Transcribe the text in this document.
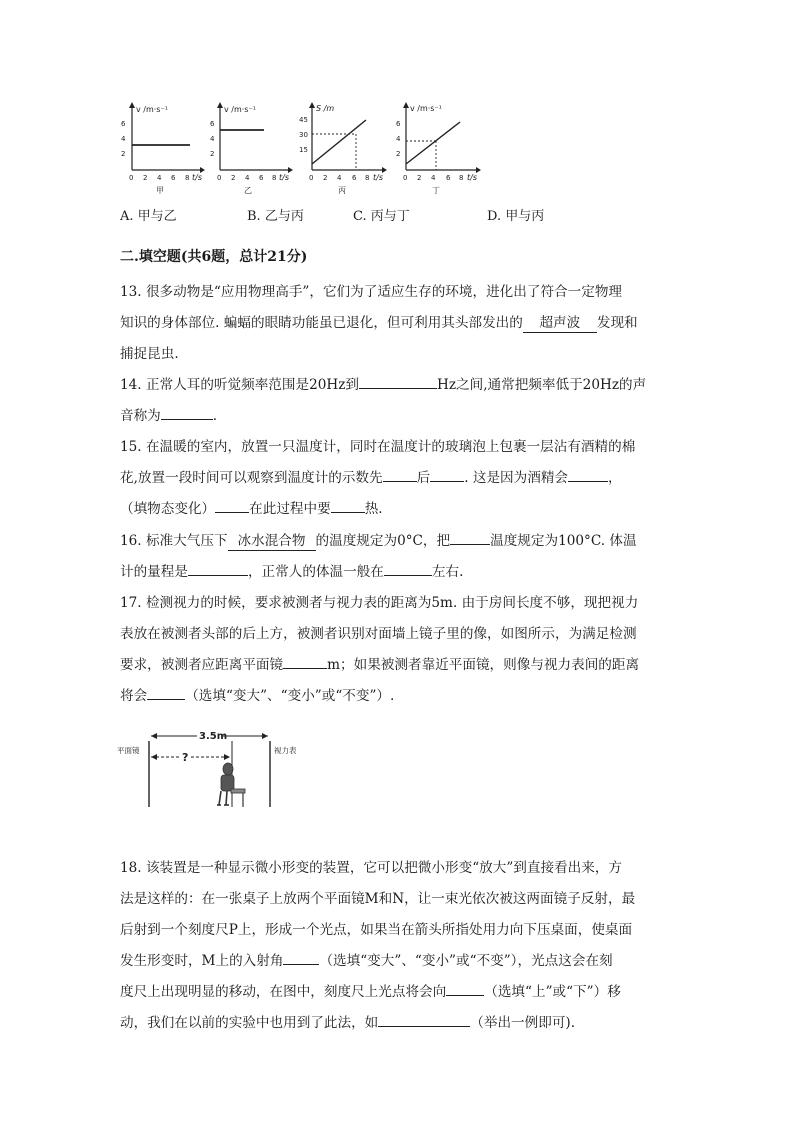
v /m·s⁻¹
6
4
2
0 2 4 6 8 t/s
甲
v /m·s⁻¹
6
4
2
0 2 4 6 8 t/s
乙
S /m
45
30
15
0 2 4 6 8 t/s
丙
v /m·s⁻¹
6
4
2
0 2 4 6 8 t/s
丁
A. 甲与乙	B. 乙与丙	C. 丙与丁	D. 甲与丙
二.填空题(共6题，总计21分)
13. 很多动物是“应用物理高手”，它们为了适应生存的环境，进化出了符合一定物理
知识的身体部位. 蝙蝠的眼睛功能虽已退化，但可利用其头部发出的 超声波 发现和
捕捉昆虫.
14. 正常人耳的听觉频率范围是20Hz到	Hz之间,通常把频率低于20Hz的声
音称为	.
15. 在温暖的室内，放置一只温度计，同时在温度计的玻璃泡上包裹一层沾有酒精的棉
花,放置一段时间可以观察到温度计的示数先	后	. 这是因为酒精会	，
（填物态变化）	在此过程中要	热.
16. 标准大气压下 冰水混合物 的温度规定为0°C，把	温度规定为100°C. 体温
计的量程是	，正常人的体温一般在	左右.
17. 检测视力的时候，要求被测者与视力表的距离为5m. 由于房间长度不够，现把视力
表放在被测者头部的后上方，被测者识别对面墙上镜子里的像，如图所示，为满足检测
要求，被测者应距离平面镜	m；如果被测者靠近平面镜，则像与视力表间的距离
将会	（选填“变大”、“变小”或“不变”）.
3.5m
?
平面镜	视力表
18. 该装置是一种显示微小形变的装置，它可以把微小形变“放大”到直接看出来，方
法是这样的：在一张桌子上放两个平面镜M和N，让一束光依次被这两面镜子反射，最
后射到一个刻度尺P上，形成一个光点，如果当在箭头所指处用力向下压桌面，使桌面
发生形变时，M上的入射角	（选填“变大”、“变小”或“不变”），光点这会在刻
度尺上出现明显的移动，在图中，刻度尺上光点将会向	（选填“上”或“下”）移
动，我们在以前的实验中也用到了此法，如	（举出一例即可).
